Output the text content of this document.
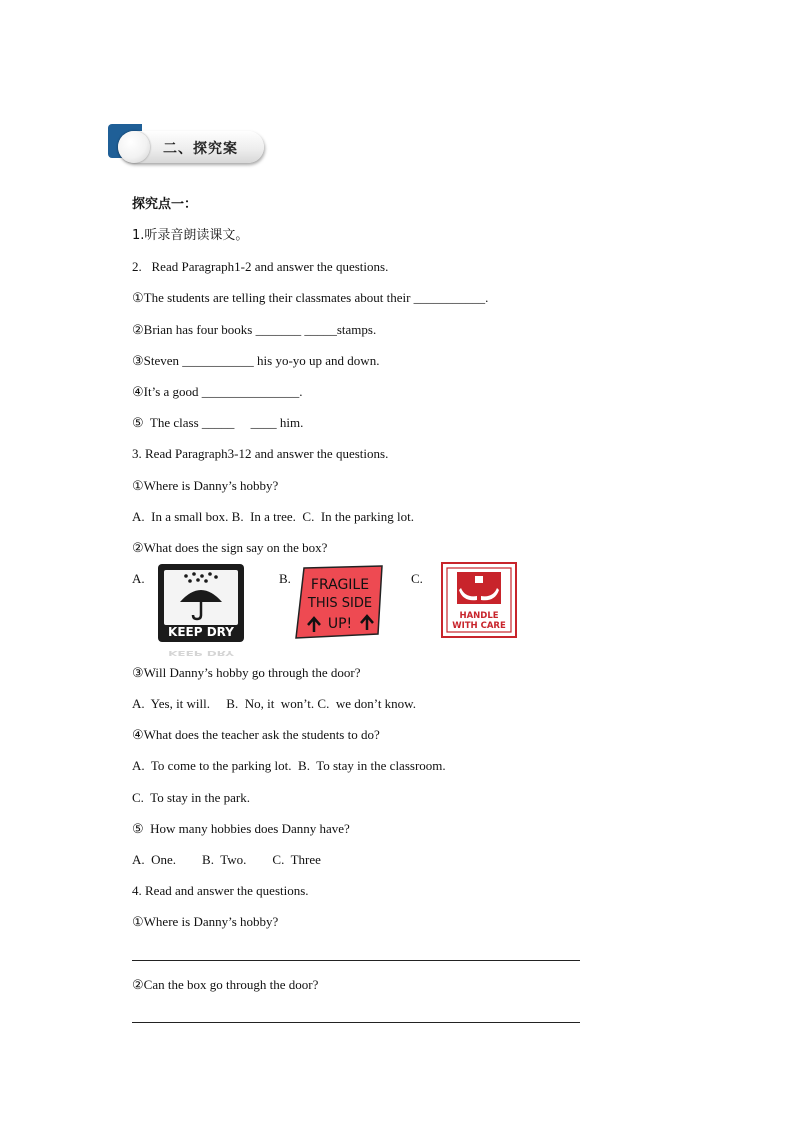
二、探究案
探究点一：
1.听录音朗读课文。
2.   Read Paragraph1-2 and answer the questions.
①The students are telling their classmates about their ___________.
②Brian has four books _______ _____stamps.
③Steven ___________ his yo-yo up and down.
④It’s a good _______________.
⑤  The class _____     ____ him.
3. Read Paragraph3-12 and answer the questions.
①Where is Danny’s hobby?
A.  In a small box. B.  In a tree.  C.  In the parking lot.
②What does the sign say on the box?
A.	B.	C.
KEEP DRY
KEEP DRY
FRAGILE
THIS SIDE
UP!	HANDLE
WITH CARE
③Will Danny’s hobby go through the door?
A.  Yes, it will.     B.  No, it  won’t. C.  we don’t know.
④What does the teacher ask the students to do?
A.  To come to the parking lot.  B.  To stay in the classroom.
C.  To stay in the park.
⑤  How many hobbies does Danny have?
A.  One.        B.  Two.        C.  Three
4. Read and answer the questions.
①Where is Danny’s hobby?
②Can the box go through the door?
